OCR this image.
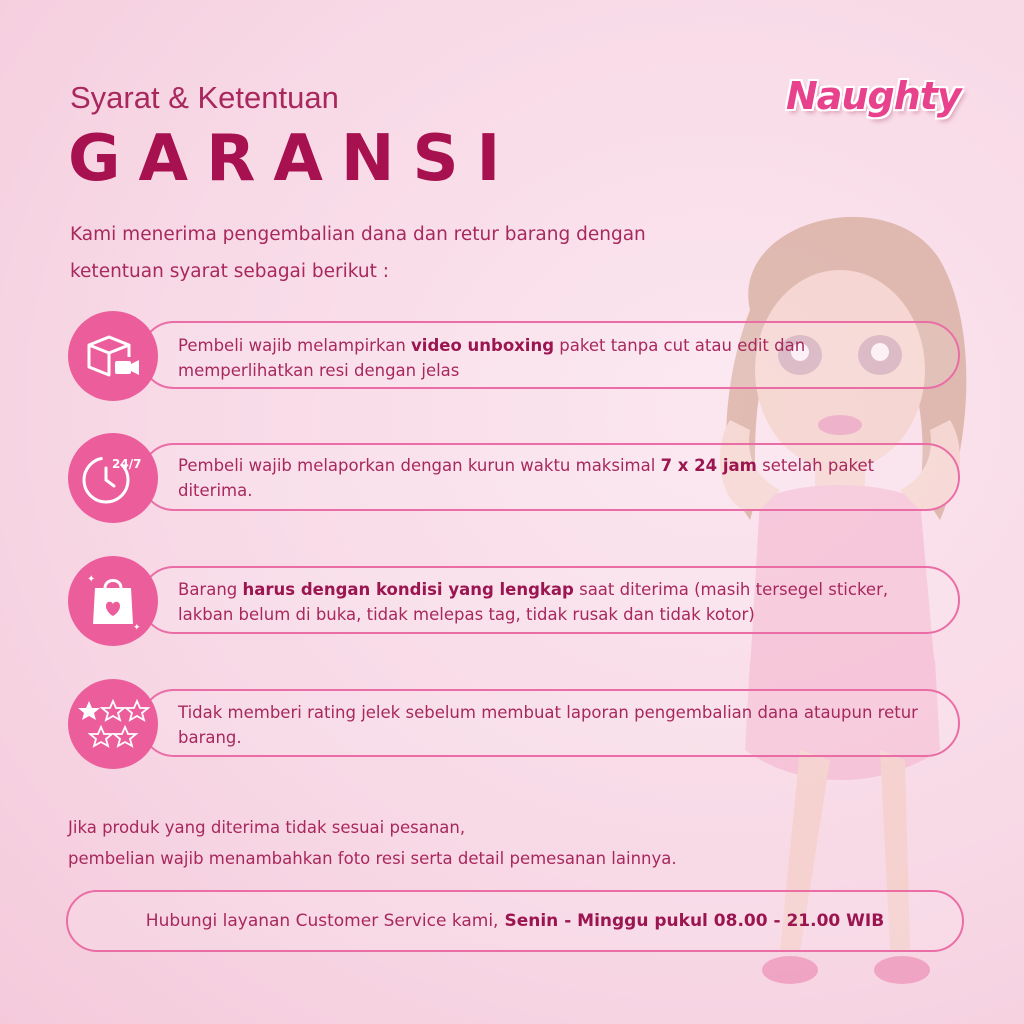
Syarat & Ketentuan
GARANSI
Naughty
Kami menerima pengembalian dana dan retur barang dengan
ketentuan syarat sebagai berikut :
Pembeli wajib melampirkan video unboxing paket tanpa cut atau edit dan memperlihatkan resi dengan jelas
24/7 Pembeli wajib melaporkan dengan kurun waktu maksimal 7 x 24 jam setelah paket diterima.
✦
✦
Barang harus dengan kondisi yang lengkap saat diterima (masih tersegel sticker, lakban belum di buka, tidak melepas tag, tidak rusak dan tidak kotor)
Tidak memberi rating jelek sebelum membuat laporan pengembalian dana ataupun retur barang.
Jika produk yang diterima tidak sesuai pesanan,
pembelian wajib menambahkan foto resi serta detail pemesanan lainnya.
Hubungi layanan Customer Service kami, Senin - Minggu pukul 08.00 - 21.00 WIB
